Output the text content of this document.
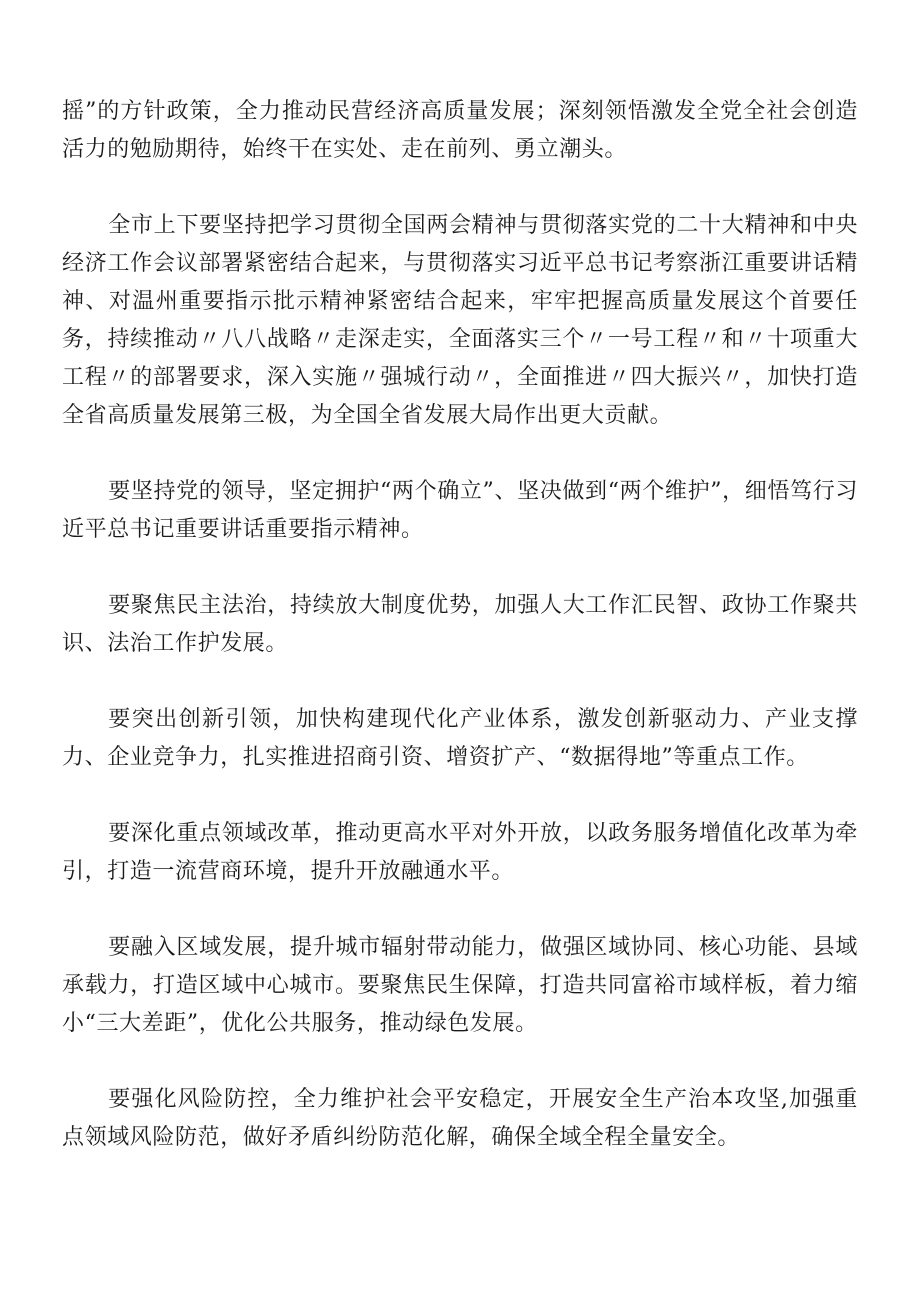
摇”的方针政策，全力推动民营经济高质量发展；深刻领悟激发全党全社会创造活力的勉励期待，始终干在实处、走在前列、勇立潮头。

全市上下要坚持把学习贯彻全国两会精神与贯彻落实党的二十大精神和中央经济工作会议部署紧密结合起来，与贯彻落实习近平总书记考察浙江重要讲话精神、对温州重要指示批示精神紧密结合起来，牢牢把握高质量发展这个首要任务，持续推动〃八八战略〃走深走实，全面落实三个〃一号工程〃和〃十项重大工程〃的部署要求，深入实施〃强城行动〃，全面推进〃四大振兴〃，加快打造全省高质量发展第三极，为全国全省发展大局作出更大贡献。

要坚持党的领导，坚定拥护“两个确立”、坚决做到“两个维护”，细悟笃行习近平总书记重要讲话重要指示精神。

要聚焦民主法治，持续放大制度优势，加强人大工作汇民智、政协工作聚共识、法治工作护发展。

要突出创新引领，加快构建现代化产业体系，激发创新驱动力、产业支撑力、企业竞争力，扎实推进招商引资、增资扩产、“数据得地”等重点工作。

要深化重点领域改革，推动更高水平对外开放，以政务服务增值化改革为牵引，打造一流营商环境，提升开放融通水平。

要融入区域发展，提升城市辐射带动能力，做强区域协同、核心功能、县域承载力，打造区域中心城市。要聚焦民生保障，打造共同富裕市域样板，着力缩小“三大差距”，优化公共服务，推动绿色发展。

要强化风险防控，全力维护社会平安稳定，开展安全生产治本攻坚,加强重点领域风险防范，做好矛盾纠纷防范化解，确保全域全程全量安全。
